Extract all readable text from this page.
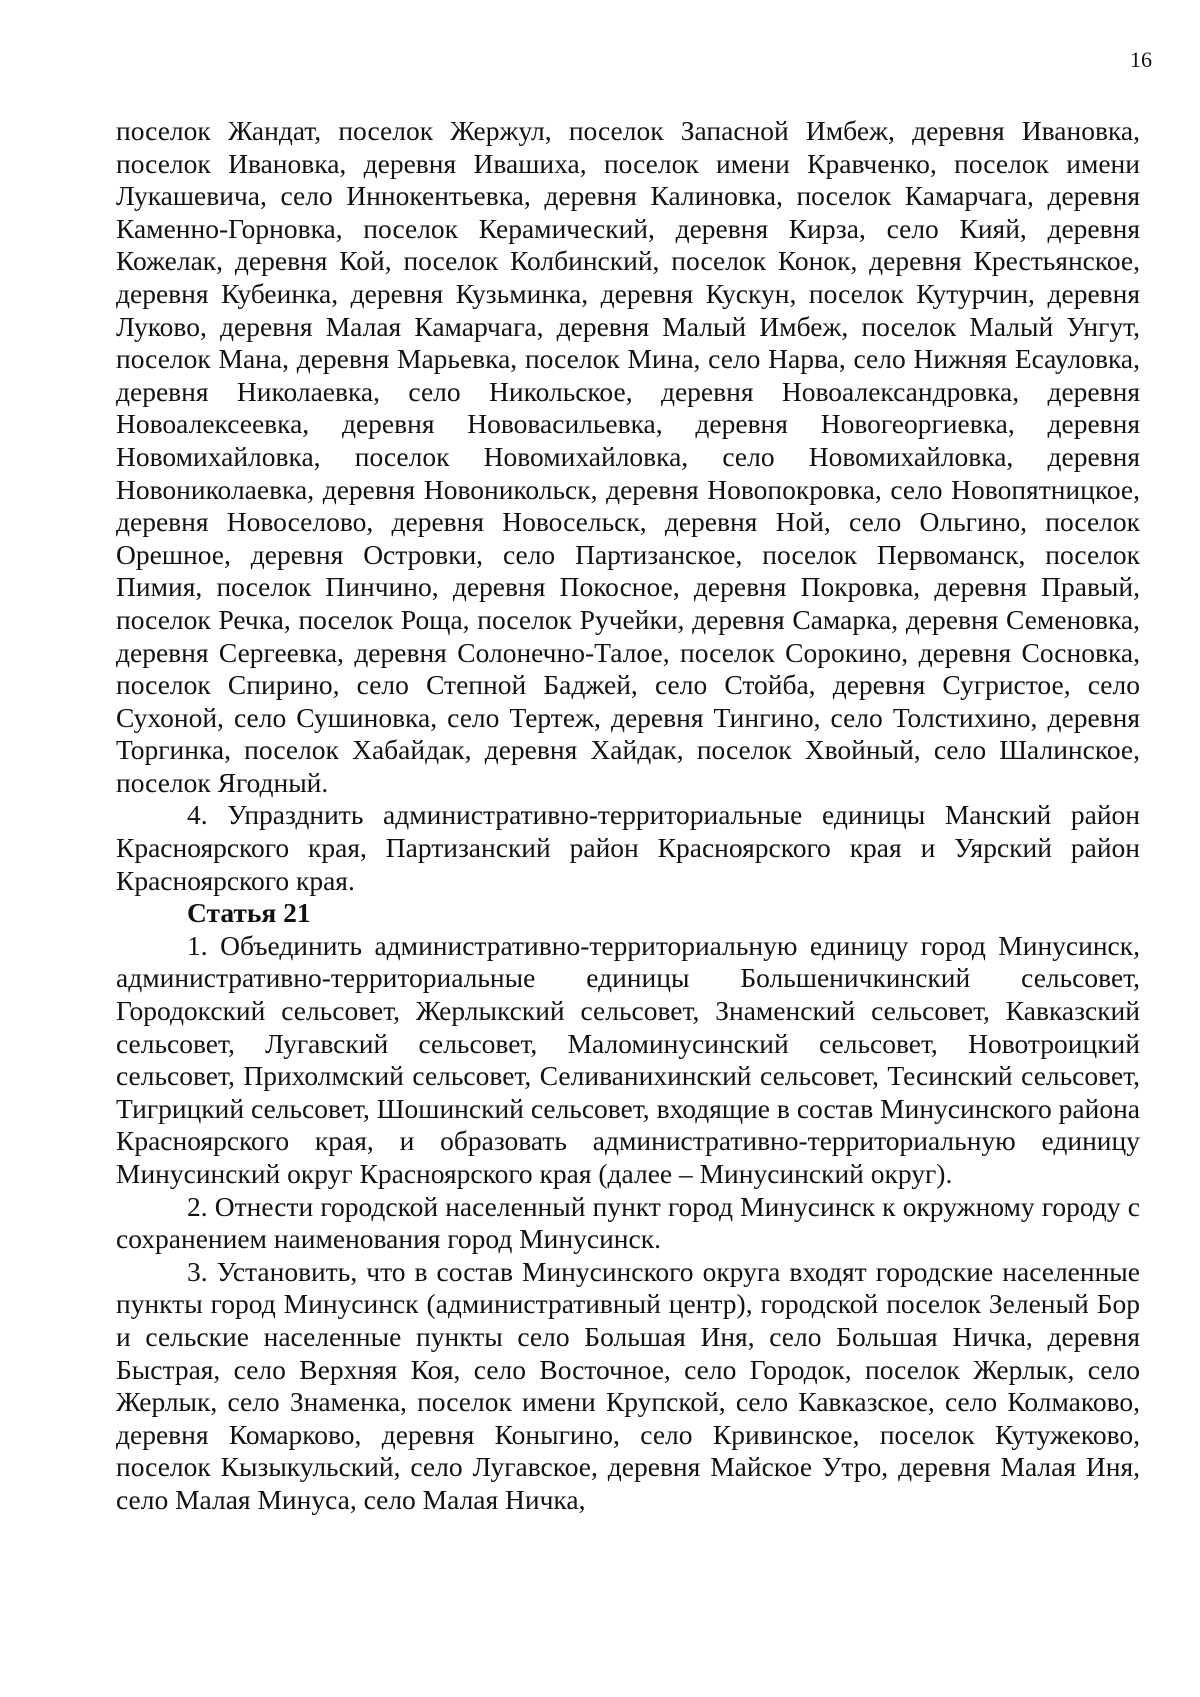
16

поселок Жандат, поселок Жержул, поселок Запасной Имбеж, деревня Ивановка, поселок Ивановка, деревня Ивашиха, поселок имени Кравченко, поселок имени Лукашевича, село Иннокентьевка, деревня Калиновка, поселок Камарчага, деревня Каменно-Горновка, поселок Керамический, деревня Кирза, село Кияй, деревня Кожелак, деревня Кой, поселок Колбинский, поселок Конок, деревня Крестьянское, деревня Кубеинка, деревня Кузьминка, деревня Кускун, поселок Кутурчин, деревня Луково, деревня Малая Камарчага, деревня Малый Имбеж, поселок Малый Унгут, поселок Мана, деревня Марьевка, поселок Мина, село Нарва, село Нижняя Есауловка, деревня Николаевка, село Никольское, деревня Новоалександровка, деревня Новоалексеевка, деревня Нововасильевка, деревня Новогеоргиевка, деревня Новомихайловка, поселок Новомихайловка, село Новомихайловка, деревня Новониколаевка, деревня Новоникольск, деревня Новопокровка, село Новопятницкое, деревня Новоселово, деревня Новосельск, деревня Ной, село Ольгино, поселок Орешное, деревня Островки, село Партизанское, поселок Первоманск, поселок Пимия, поселок Пинчино, деревня Покосное, деревня Покровка, деревня Правый, поселок Речка, поселок Роща, поселок Ручейки, деревня Самарка, деревня Семеновка, деревня Сергеевка, деревня Солонечно-Талое, поселок Сорокино, деревня Сосновка, поселок Спирино, село Степной Баджей, село Стойба, деревня Сугристое, село Сухоной, село Сушиновка, село Тертеж, деревня Тингино, село Толстихино, деревня Торгинка, поселок Хабайдак, деревня Хайдак, поселок Хвойный, село Шалинское, поселок Ягодный.

4. Упразднить административно-территориальные единицы Манский район Красноярского края, Партизанский район Красноярского края и Уярский район Красноярского края.

Статья 21

1. Объединить административно-территориальную единицу город Минусинск, административно-территориальные единицы Большеничкинский сельсовет, Городокский сельсовет, Жерлыкский сельсовет, Знаменский сельсовет, Кавказский сельсовет, Лугавский сельсовет, Маломинусинский сельсовет, Новотроицкий сельсовет, Прихолмский сельсовет, Селиванихинский сельсовет, Тесинский сельсовет, Тигрицкий сельсовет, Шошинский сельсовет, входящие в состав Минусинского района Красноярского края, и образовать административно-территориальную единицу Минусинский округ Красноярского края (далее – Минусинский округ).

2. Отнести городской населенный пункт город Минусинск к окружному городу с сохранением наименования город Минусинск.

3. Установить, что в состав Минусинского округа входят городские населенные пункты город Минусинск (административный центр), городской поселок Зеленый Бор и сельские населенные пункты село Большая Иня, село Большая Ничка, деревня Быстрая, село Верхняя Коя, село Восточное, село Городок, поселок Жерлык, село Жерлык, село Знаменка, поселок имени Крупской, село Кавказское, село Колмаково, деревня Комарково, деревня Коныгино, село Кривинское, поселок Кутужеково, поселок Кызыкульский, село Лугавское, деревня Майское Утро, деревня Малая Иня, село Малая Минуса, село Малая Ничка,
